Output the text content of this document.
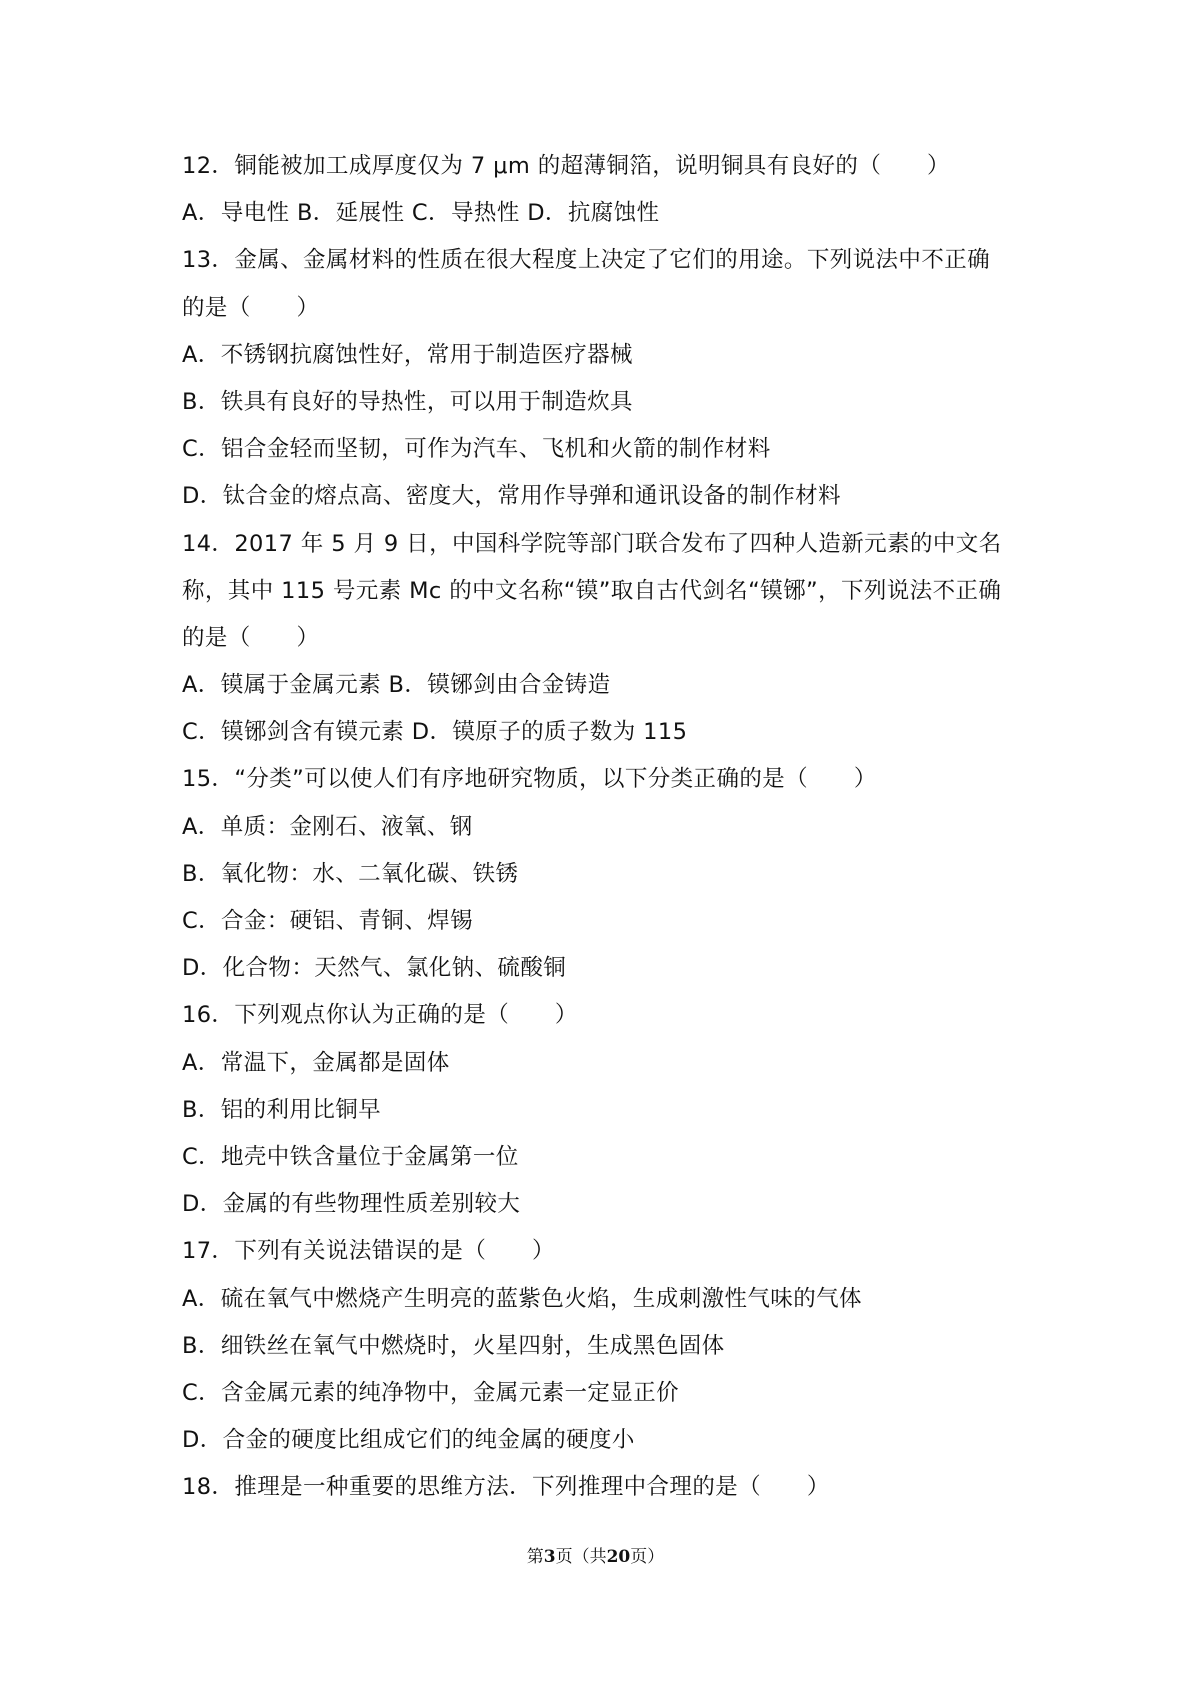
12．铜能被加工成厚度仅为 7 μm 的超薄铜箔，说明铜具有良好的（　　）
A．导电性 B．延展性 C．导热性 D．抗腐蚀性
13．金属、金属材料的性质在很大程度上决定了它们的用途。下列说法中不正确
的是（　　）
A．不锈钢抗腐蚀性好，常用于制造医疗器械
B．铁具有良好的导热性，可以用于制造炊具
C．铝合金轻而坚韧，可作为汽车、飞机和火箭的制作材料
D．钛合金的熔点高、密度大，常用作导弹和通讯设备的制作材料
14．2017 年 5 月 9 日，中国科学院等部门联合发布了四种人造新元素的中文名
称，其中 115 号元素 Mc 的中文名称“镆”取自古代剑名“镆铘”，下列说法不正确
的是（　　）
A．镆属于金属元素 B．镆铘剑由合金铸造
C．镆铘剑含有镆元素 D．镆原子的质子数为 115
15．“分类”可以使人们有序地研究物质，以下分类正确的是（　　）
A．单质：金刚石、液氧、钢
B．氧化物：水、二氧化碳、铁锈
C．合金：硬铝、青铜、焊锡
D．化合物：天然气、氯化钠、硫酸铜
16．下列观点你认为正确的是（　　）
A．常温下，金属都是固体
B．铝的利用比铜早
C．地壳中铁含量位于金属第一位
D．金属的有些物理性质差别较大
17．下列有关说法错误的是（　　）
A．硫在氧气中燃烧产生明亮的蓝紫色火焰，生成刺激性气味的气体
B．细铁丝在氧气中燃烧时，火星四射，生成黑色固体
C．含金属元素的纯净物中，金属元素一定显正价
D．合金的硬度比组成它们的纯金属的硬度小
18．推理是一种重要的思维方法．下列推理中合理的是（　　）
第3页（共20页）
